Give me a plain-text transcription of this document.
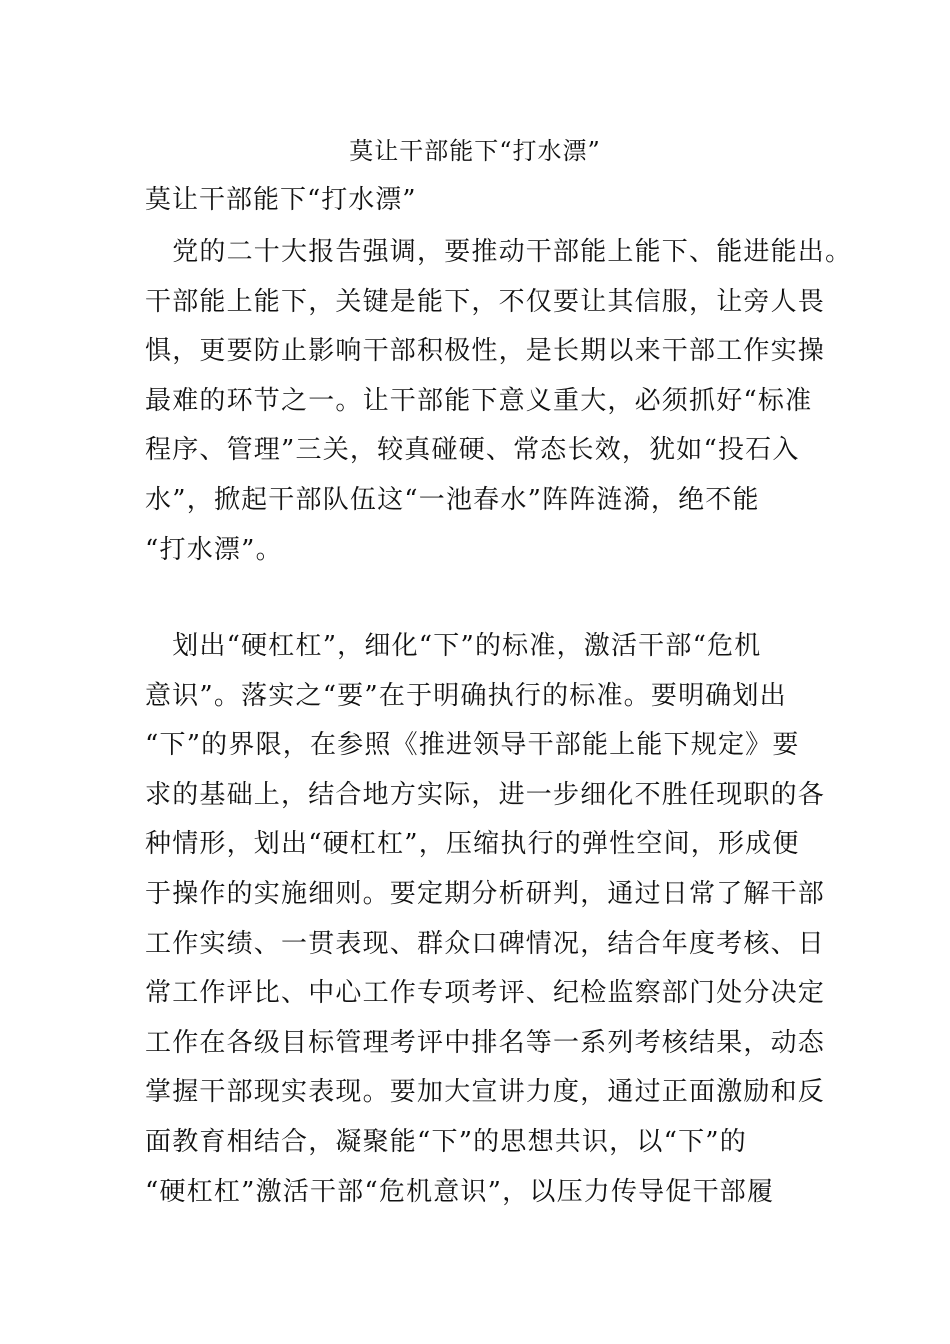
莫让干部能下“打水漂”
莫让干部能下“打水漂”
　党的二十大报告强调，要推动干部能上能下、能进能出。
干部能上能下，关键是能下，不仅要让其信服，让旁人畏
惧，更要防止影响干部积极性，是长期以来干部工作实操
最难的环节之一。让干部能下意义重大，必须抓好“标准
程序、管理”三关，较真碰硬、常态长效，犹如“投石入
水”，掀起干部队伍这“一池春水”阵阵涟漪，绝不能
“打水漂”。
　划出“硬杠杠”，细化“下”的标准，激活干部“危机
意识”。落实之“要”在于明确执行的标准。要明确划出
“下”的界限，在参照《推进领导干部能上能下规定》要
求的基础上，结合地方实际，进一步细化不胜任现职的各
种情形，划出“硬杠杠”，压缩执行的弹性空间，形成便
于操作的实施细则。要定期分析研判，通过日常了解干部
工作实绩、一贯表现、群众口碑情况，结合年度考核、日
常工作评比、中心工作专项考评、纪检监察部门处分决定
工作在各级目标管理考评中排名等一系列考核结果，动态
掌握干部现实表现。要加大宣讲力度，通过正面激励和反
面教育相结合，凝聚能“下”的思想共识，以“下”的
“硬杠杠”激活干部“危机意识”，以压力传导促干部履
